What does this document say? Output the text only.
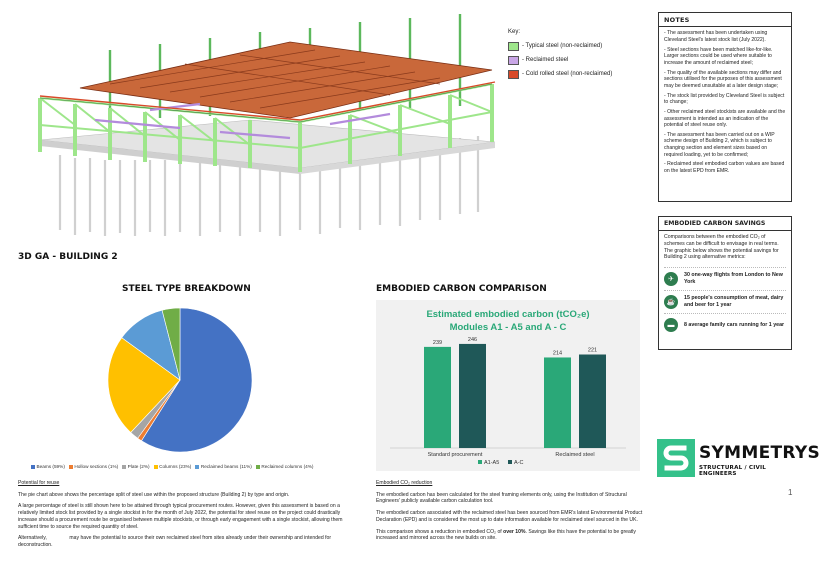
Key:
- Typical steel (non-reclaimed)
- Reclaimed steel
- Cold rolled steel (non-reclaimed)
NOTES

- The assessment has been undertaken using Cleveland Steel's latest stock list (July 2022).

- Steel sections have been matched like-for-like. Larger sections could be used where suitable to increase the amount of reclaimed steel;

- The quality of the available sections may differ and sections utilised for the purposes of this assessment may be deemed unsuitable at a later design stage;

- The stock list provided by Cleveland Steel is subject to change;

- Other reclaimed steel stockists are available and the assessment is intended as an indication of the potential of steel reuse only.

- The assessment has been carried out on a WIP scheme design of Building 2, which is subject to changing section and element sizes based on required loading, yet to be confirmed;

- Reclaimed steel embodied carbon values are based on the latest EPD from EMR.

EMBODIED CARBON SAVINGS

Comparisons between the embodied CO₂ of schemes can be difficult to envisage in real terms. The graphic below shows the potential savings for Building 2 using alternative metrics:

✈
30 one-way flights from London to New York
☕
15 people's consumption of meat, dairy and beer for 1 year
▬	8 average family cars running for 1 year
SYMMETRYS
STRUCTURAL / CIVIL ENGINEERS
1
3D GA - BUILDING 2
STEEL TYPE BREAKDOWN	EMBODIED CARBON COMPARISON
Beams (59%) Hollow sections (1%) Plate (2%) Columns (23%) Reclaimed beams (11%) Reclaimed columns (4%)
Estimated embodied carbon (tCO₂e)
Modules A1 - A5 and A - C
239	246
Standard procurement
214	221
Reclaimed steel
A1-A5	A-C

Potential for reuse

The pie chart above shows the percentage split of steel use within the proposed structure (Building 2) by type and origin.

A large percentage of steel is still shown here to be attained through typical procurement routes. However, given this assessment is based on a relatively limited stock list provided by a single stockist in for the month of July 2022, the potential for steel reuse on the project could drastically increase should a procurement route be organised between multiple stockists, or through early engagement with a single stockist, allowing them sufficient time to source the required quantity of steel.

Alternatively,                may have the potential to source their own reclaimed steel from sites already under their ownership and intended for deconstruction.

Embodied CO₂ reduction

The embodied carbon has been calculated for the steel framing elements only, using the Institution of Structural Engineers' publicly available carbon calculation tool.

The embodied carbon associated with the reclaimed steel has been sourced from EMR's latest Environmental Product Declaration (EPD) and is considered the most up to date information available for reclaimed steel sourced in the UK.

This comparison shows a reduction in embodied CO₂ of over 10%. Savings like this have the potential to be greatly increased and mirrored across the new builds on site.
